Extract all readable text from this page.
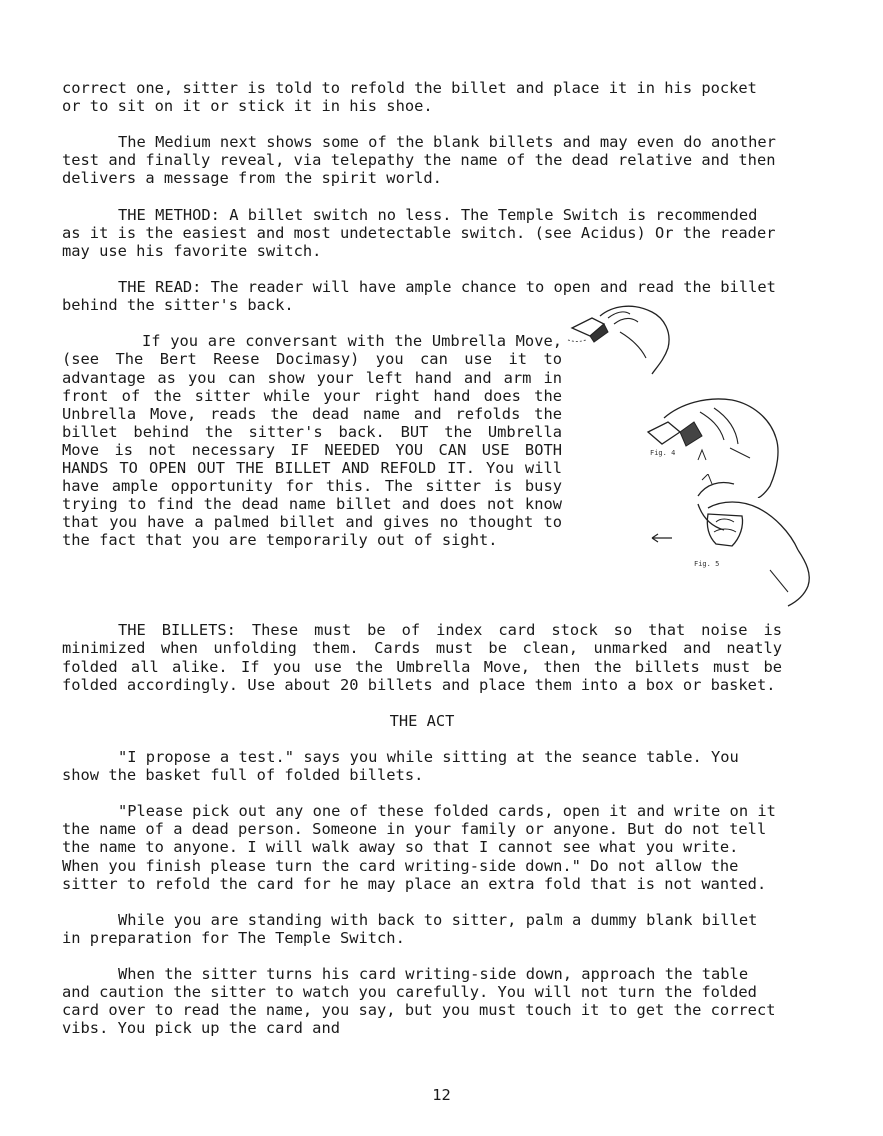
correct one, sitter is told to refold the billet and place it in his pocket or to sit on it or stick it in his shoe.

The Medium next shows some of the blank billets and may even do another test and finally reveal, via telepathy the name of the dead relative and then delivers a message from the spirit world.

THE METHOD: A billet switch no less. The Temple Switch is recommended as it is the easiest and most undetectable switch. (see Acidus) Or the reader may use his favorite switch.

THE READ: The reader will have ample chance to open and read the billet behind the sitter's back.

If you are conversant with the Umbrella Move, (see The Bert Reese Docimasy) you can use it to advantage as you can show your left hand and arm in front of the sitter while your right hand does the Unbrella Move, reads the dead name and refolds the billet behind the sitter's back. BUT the Umbrella Move is not necessary IF NEEDED YOU CAN USE BOTH HANDS TO OPEN OUT THE BILLET AND REFOLD IT. You will have ample opportunity for this. The sitter is busy trying to find the dead name billet and does not know that you have a palmed billet and gives no thought to the fact that you are temporarily out of sight.

THE BILLETS: These must be of index card stock so that noise is minimized when unfolding them. Cards must be clean, unmarked and neatly folded all alike. If you use the Umbrella Move, then the billets must be folded accordingly. Use about 20 billets and place them into a box or basket.

THE ACT

"I propose a test." says you while sitting at the seance table. You show the basket full of folded billets.

"Please pick out any one of these folded cards, open it and write on it the name of a dead person. Someone in your family or anyone. But do not tell the name to anyone. I will walk away so that I cannot see what you write. When you finish please turn the card writing-side down." Do not allow the sitter to refold the card for he may place an extra fold that is not wanted.

While you are standing with back to sitter, palm a dummy blank billet in preparation for The Temple Switch.

When the sitter turns his card writing-side down, approach the table and caution the sitter to watch you carefully. You will not turn the folded card over to read the name, you say, but you must touch it to get the correct vibs. You pick up the card and

Fig. 4
Fig. 5
12
